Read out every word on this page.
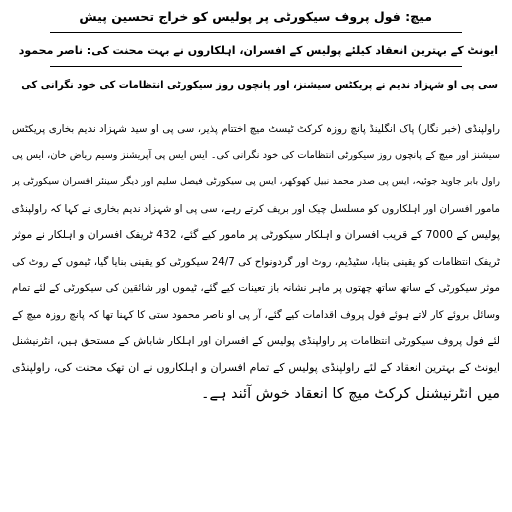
میچ: فول پروف سیکورٹی پر پولیس کو خراج تحسین پیش
ایونٹ کے بہترین انعقاد کیلئے پولیس کے افسران، اہلکاروں نے بہت محنت کی: ناصر محمود
سی پی او شہزاد ندیم نے پریکٹس سیشنز، اور پانچوں روز سیکورٹی انتظامات کی خود نگرانی کی
راولپنڈی (خبر نگار) پاک انگلینڈ پانچ روزہ کرکٹ ٹیسٹ میچ اختتام پذیر، سی پی او سید شہزاد ندیم بخاری پریکٹس
سیشنز اور میچ کے پانچوں روز سیکورٹی انتظامات کی خود نگرانی کی۔ ایس ایس پی آپریشنز وسیم ریاض خان، ایس پی
راول بابر جاوید جوئیہ، ایس پی صدر محمد نبیل کھوکھر، ایس پی سیکورٹی فیصل سلیم اور دیگر سینئر افسران سیکورٹی پر
مامور افسران اور اہلکاروں کو مسلسل چیک اور بریف کرتے رہے، سی پی او شہزاد ندیم بخاری نے کہا کہ راولپنڈی
پولیس کے 7000 کے قریب افسران و اہلکار سیکورٹی پر مامور کیے گئے، 432 ٹریفک افسران و اہلکار نے موثر
ٹریفک انتظامات کو یقینی بنایا، سٹیڈیم، روٹ اور گردونواح کی 24/7 سیکورٹی کو یقینی بنایا گیا، ٹیموں کے روٹ کی
موثر سیکورٹی کے ساتھ ساتھ چھتوں پر ماہر نشانہ باز تعینات کیے گئے، ٹیموں اور شائقین کی سیکورٹی کے لئے تمام
وسائل بروئے کار لاتے ہوئے فول پروف اقدامات کیے گئے، آر پی او ناصر محمود ستی کا کہنا تھا کہ پانچ روزہ میچ کے
لئے فول پروف سیکورٹی انتظامات پر راولپنڈی پولیس کے افسران اور اہلکار شاباش کے مستحق ہیں، انٹرنیشنل
ایونٹ کے بہترین انعقاد کے لئے راولپنڈی پولیس کے تمام افسران و اہلکاروں نے ان تھک محنت کی، راولپنڈی
میں انٹرنیشنل کرکٹ میچ کا انعقاد خوش آئند ہے۔
